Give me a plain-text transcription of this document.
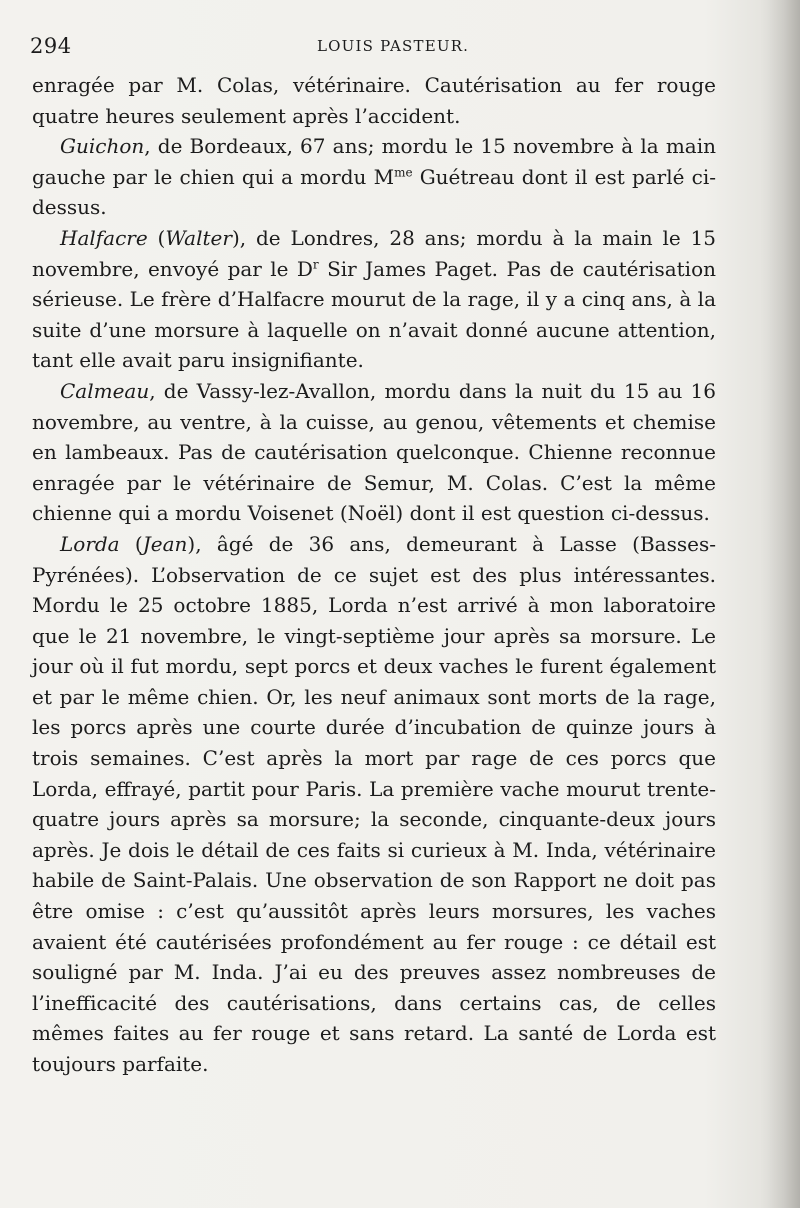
294	LOUIS PASTEUR.

enragée par M. Colas, vétérinaire. Cautérisation au fer rouge quatre heures seulement après l’accident.

Guichon, de Bordeaux, 67 ans; mordu le 15 novembre à la main gauche par le chien qui a mordu $M^{me}$ Guétreau dont il est parlé ci-dessus.

Halfacre (Walter), de Londres, 28 ans; mordu à la main le 15 novembre, envoyé par le $D^r$ Sir James Paget. Pas de cautérisation sérieuse. Le frère d’Halfacre mourut de la rage, il y a cinq ans, à la suite d’une morsure à laquelle on n’avait donné aucune attention, tant elle avait paru insignifiante.

Calmeau, de Vassy-lez-Avallon, mordu dans la nuit du 15 au 16 novembre, au ventre, à la cuisse, au genou, vêtements et chemise en lambeaux. Pas de cautérisation quelconque. Chienne reconnue enragée par le vétérinaire de Semur, M. Colas. C’est la même chienne qui a mordu Voisenet (Noël) dont il est question ci-dessus.

Lorda (Jean), âgé de 36 ans, demeurant à Lasse (Basses-Pyrénées). L’observation de ce sujet est des plus intéressantes. Mordu le 25 octobre 1885, Lorda n’est arrivé à mon laboratoire que le 21 novembre, le vingt-septième jour après sa morsure. Le jour où il fut mordu, sept porcs et deux vaches le furent également et par le même chien. Or, les neuf animaux sont morts de la rage, les porcs après une courte durée d’incubation de quinze jours à trois semaines. C’est après la mort par rage de ces porcs que Lorda, effrayé, partit pour Paris. La première vache mourut trente-quatre jours après sa morsure; la seconde, cinquante-deux jours après. Je dois le détail de ces faits si curieux à M. Inda, vétérinaire habile de Saint-Palais. Une observation de son Rapport ne doit pas être omise : c’est qu’aussitôt après leurs morsures, les vaches avaient été cautérisées profondément au fer rouge : ce détail est souligné par M. Inda. J’ai eu des preuves assez nombreuses de l’inefficacité des cautérisations, dans certains cas, de celles mêmes faites au fer rouge et sans retard. La santé de Lorda est toujours parfaite.
